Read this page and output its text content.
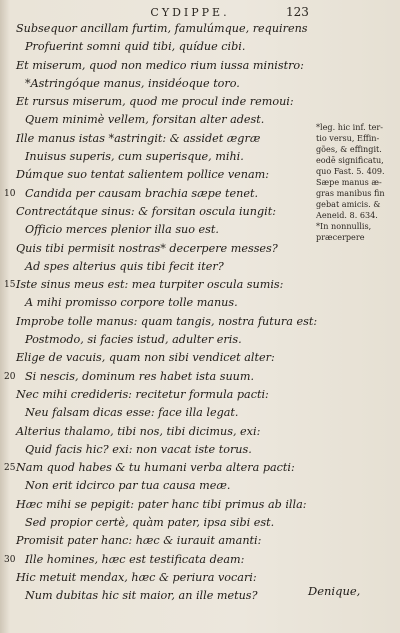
CYDIPPE.	123
Subsequor ancillam furtim, famulúmque, requirens
Profuerint somni quid tibi, quídue cibi.
Et miserum, quod non medico rium iussa ministro:
*Astringóque manus, insidéoque toro.
Et rursus miserum, quod me procul inde remoui:
Quem minimè vellem, forsitan alter adest.
Ille manus istas *astringit: & assidet ægræ
Inuisus superis, cum superisque, mihi.
Dúmque suo tentat salientem pollice venam:
10 Candida per causam brachia sæpe tenet.
Contrectátque sinus: & forsitan oscula iungit:
Officio merces plenior illa suo est.
Quis tibi permisit nostras* decerpere messes?
Ad spes alterius quis tibi fecit iter?
15 Iste sinus meus est: mea turpiter oscula sumis:
A mihi promisso corpore tolle manus.
Improbe tolle manus: quam tangis, nostra futura est:
Postmodo, si facies istud, adulter eris.
Elige de vacuis, quam non sibi vendicet alter:
20 Si nescis, dominum res habet ista suum.
Nec mihi credideris: recitetur formula pacti:
Neu falsam dicas esse: face illa legat.
Alterius thalamo, tibi nos, tibi dicimus, exi:
Quid facis hic? exi: non vacat iste torus.
25 Nam quod habes & tu humani verba altera pacti:
Non erit idcirco par tua causa meæ.
Hæc mihi se pepigit: pater hanc tibi primus ab illa:
Sed propior certè, quàm pater, ipsa sibi est.
Promisit pater hanc: hæc & iurauit amanti:
30 Ille homines, hæc est testificata deam:
Hic metuit mendax, hæc & periura vocari:
Num dubitas hic sit maior, an ille metus?
*leg. hic inf. ter-
tio versu, Effin-
gões, & effingit.
eodē significatu,
quo Fast. 5. 409.
Sæpe manus æ-
gras manibus fin
gebat amicis. &
Aeneid. 8. 634.
*In nonnullis,
præcerpere
Denique,
